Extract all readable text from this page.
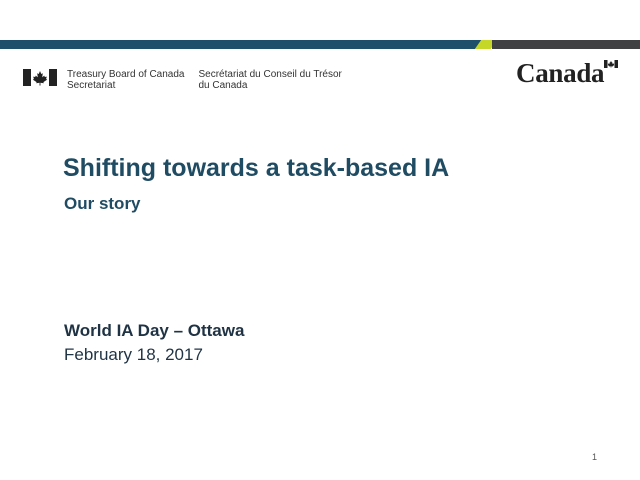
Treasury Board of Canada
Secretariat
Secrétariat du Conseil du Trésor
du Canada	Canada
Shifting towards a task-based IA
Our story
World IA Day – Ottawa
February 18, 2017
1
